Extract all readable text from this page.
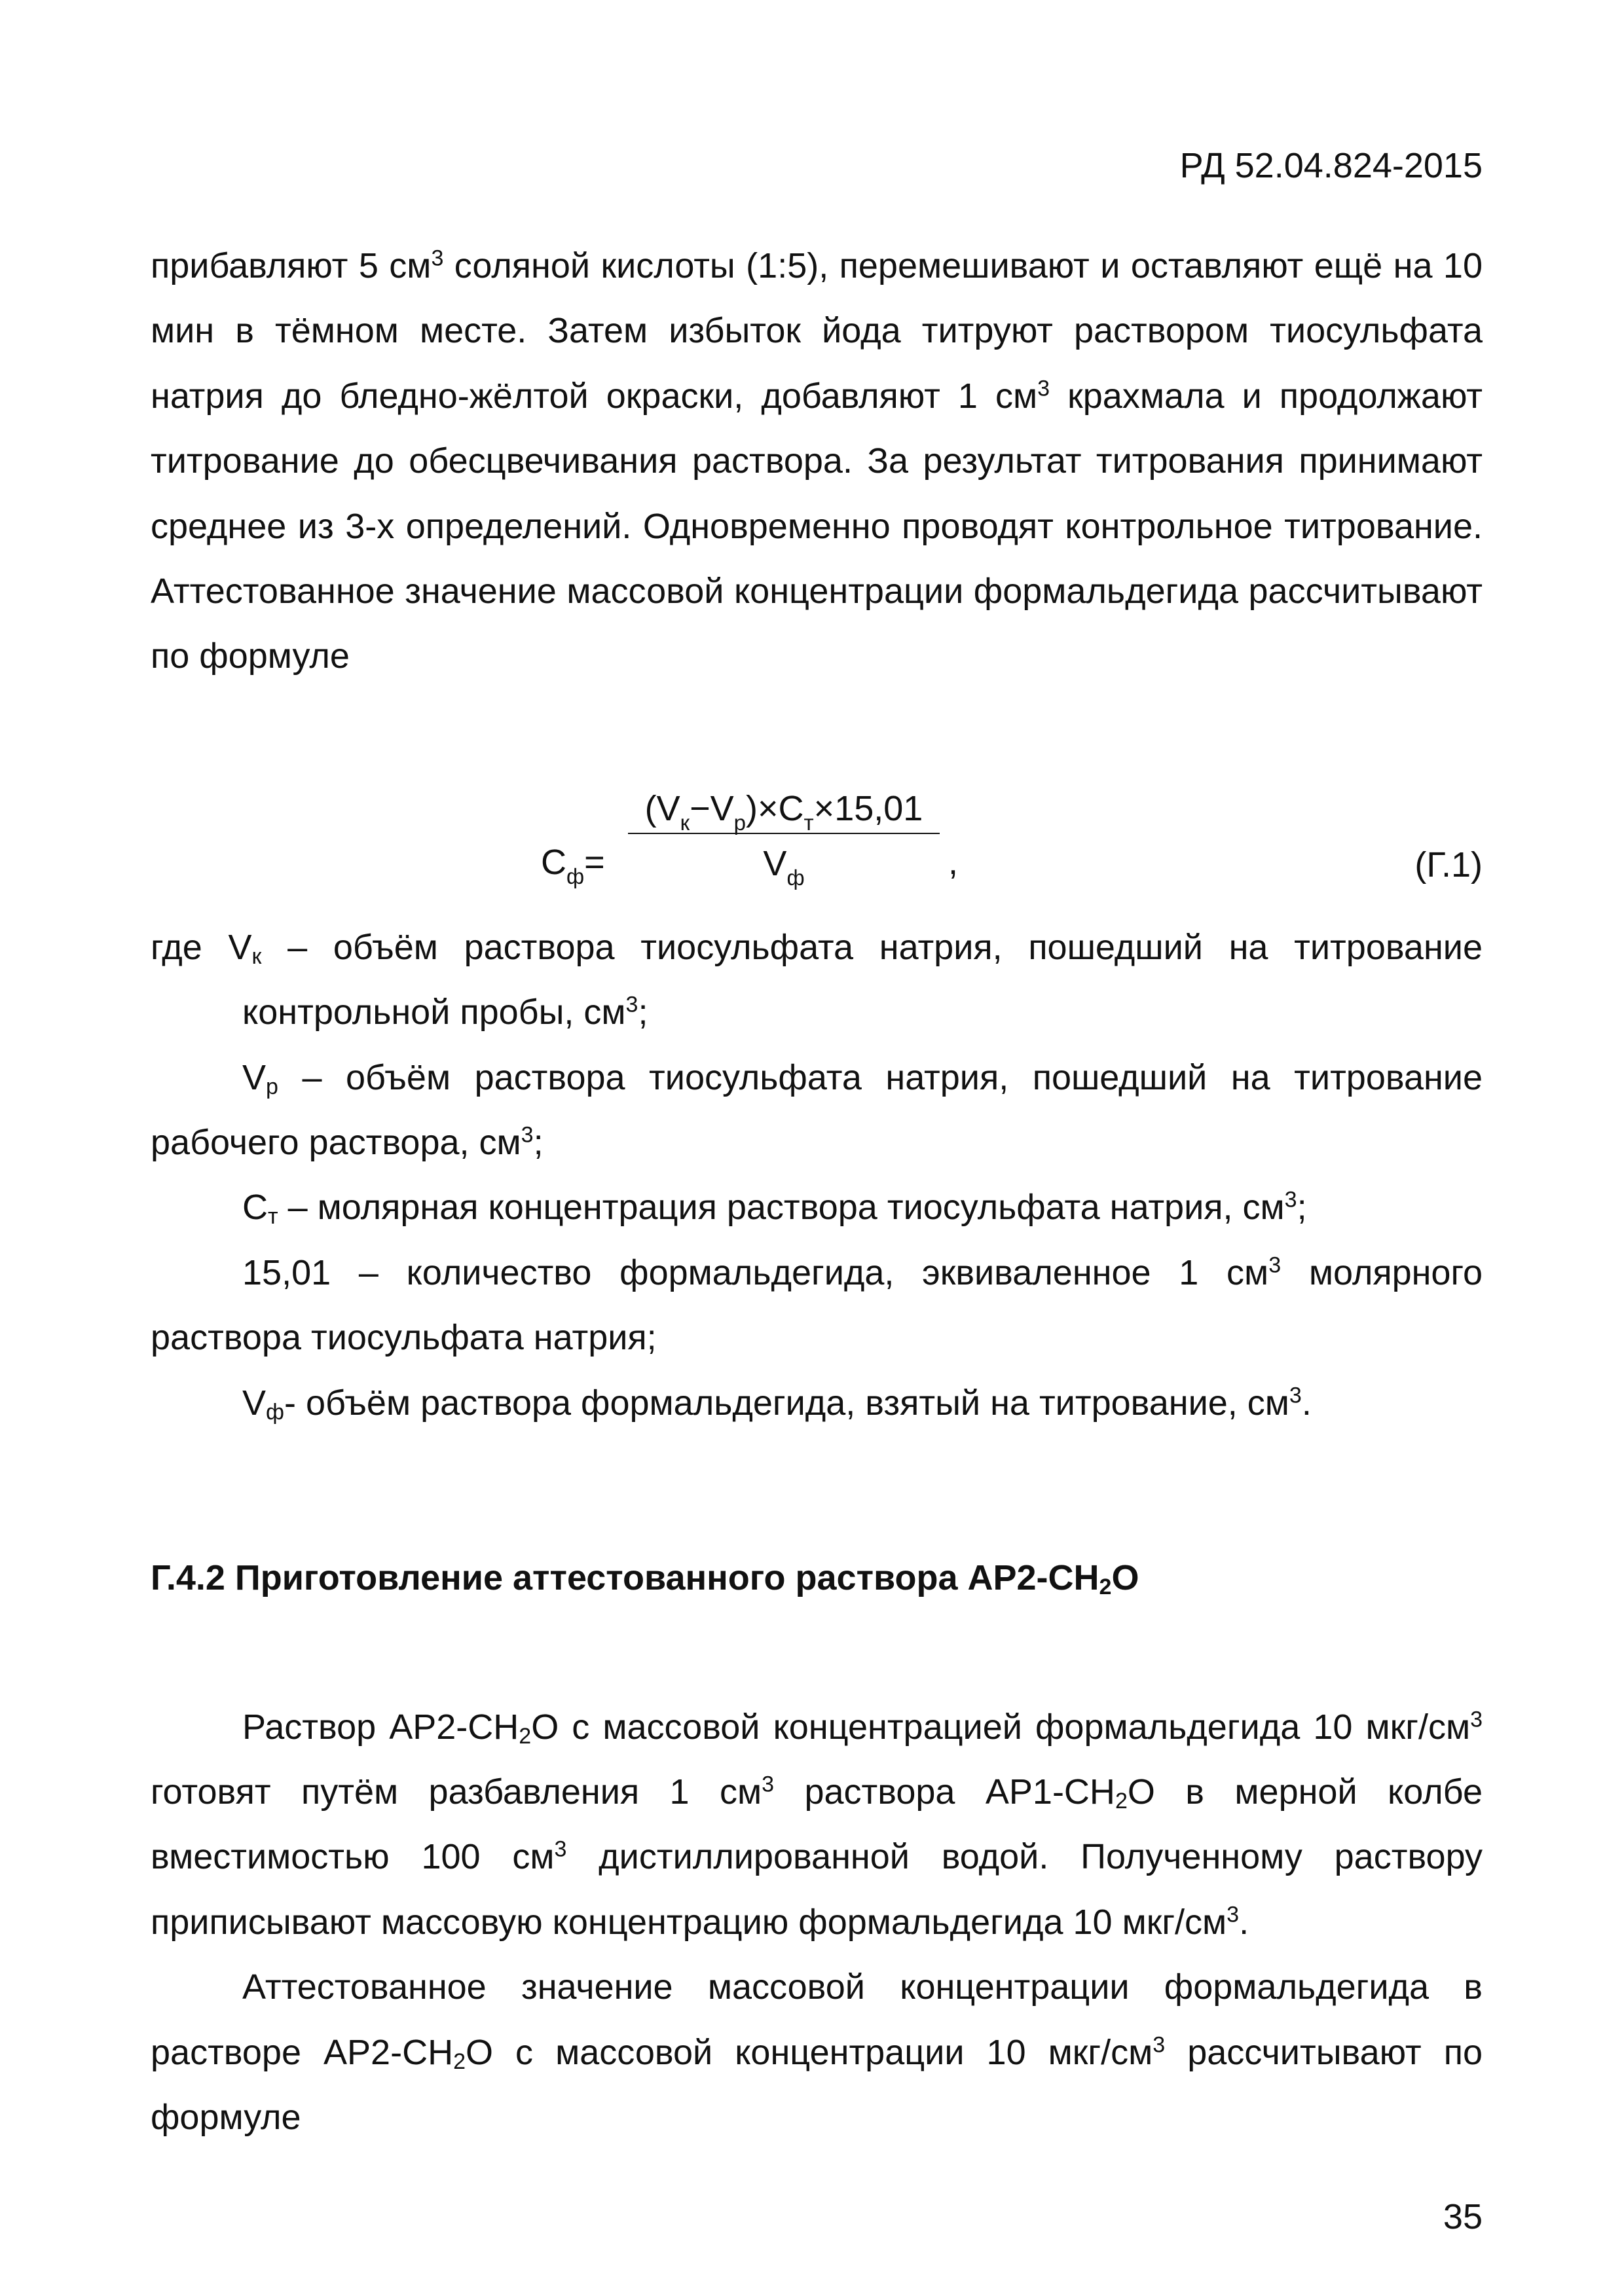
РД 52.04.824-2015

прибавляют 5 $см^3$ соляной кислоты (1:5), перемешивают и оставляют ещё на 10 мин в тёмном месте. Затем избыток йода титруют раствором тиосульфата натрия до бледно-жёлтой окраски, добавляют 1 $см^3$ крахмала и продолжают титрование до обесцвечивания раствора. За результат титрования принимают среднее из 3-х определений. Одновременно проводят контрольное титрование. Аттестованное значение массовой концентрации формальдегида рассчитывают по формуле

$C_ф=$
$(V_к-V_р)\times C_т\times 15,01$
$V_ф$	,	(Г.1)

где $V_к$ – объём раствора тиосульфата натрия, пошедший на титрование контрольной пробы, $см^3$;

$V_р$ – объём раствора тиосульфата натрия, пошедший на титрование рабочего раствора, $см^3$;

$C_т$ – молярная концентрация раствора тиосульфата натрия, $см^3$;

15,01 – количество формальдегида, эквиваленное 1 $см^3$ молярного раствора тиосульфата натрия;

$V_ф-$ объём раствора формальдегида, взятый на титрование, $см^3$.

Г.4.2 Приготовление аттестованного раствора $АР2-СН_2О$

Раствор $АР2-СН_2О$ с массовой концентрацией формальдегида 10 мкг/$см^3$ готовят путём разбавления 1 $см^3$ раствора $АР1-СН_2О$ в мерной колбе вместимостью 100 $см^3$ дистиллированной водой. Полученному раствору приписывают массовую концентрацию формальдегида 10 мкг/$см^3$.

Аттестованное значение массовой концентрации формальдегида в растворе $АР2-СН_2О$ с массовой концентрации 10 мкг/$см^3$ рассчитывают по формуле

35
